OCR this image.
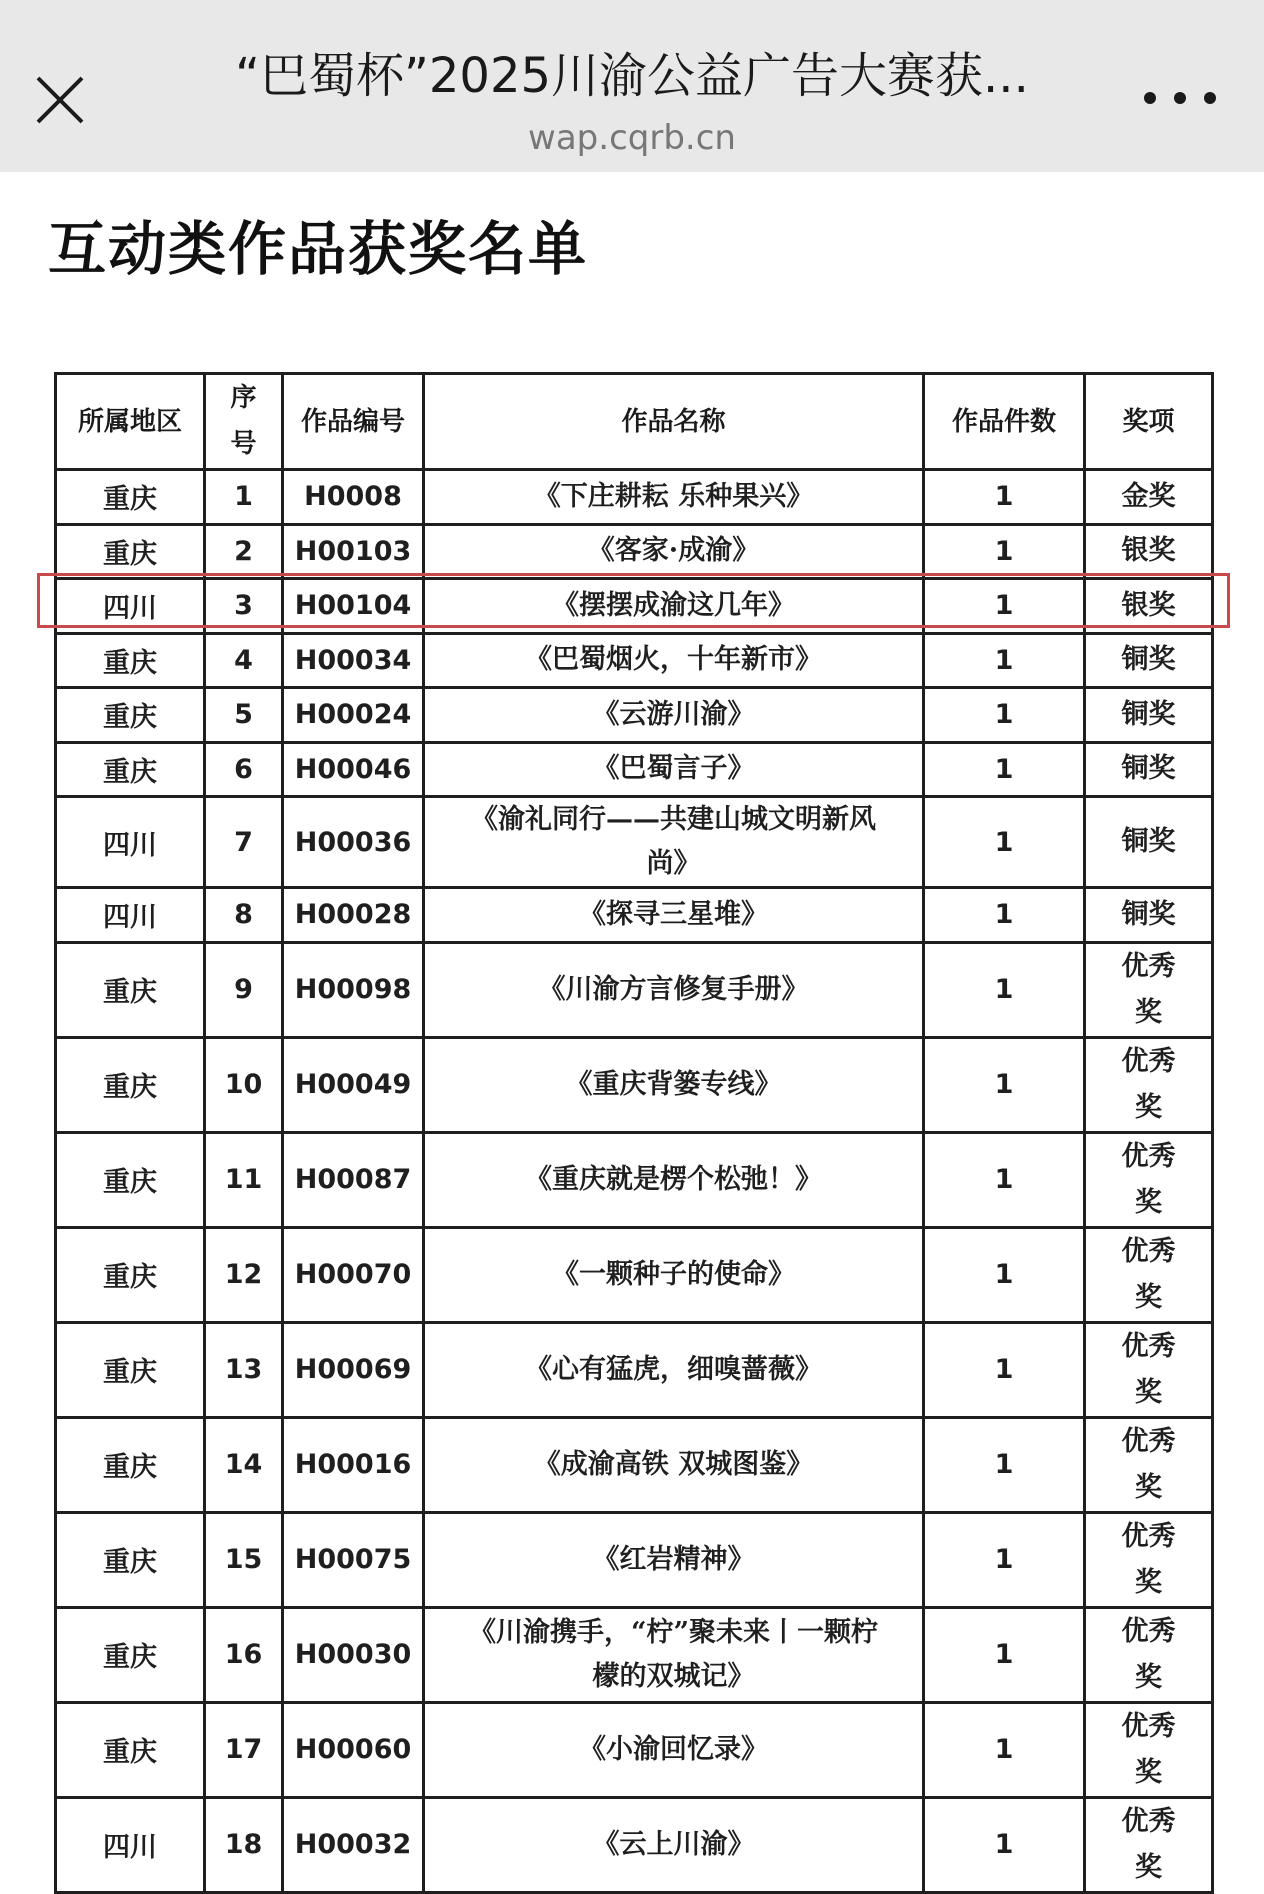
“巴蜀杯”2025川渝公益广告大赛获...
wap.cqrb.cn
互动类作品获奖名单
所属地区	序号	作品编号	作品名称	作品件数	奖项
重庆	1	H0008	《下庄耕耘 乐种果兴》	1	金奖
重庆	2	H00103	《客家·成渝》	1	银奖
四川	3	H00104	《摆摆成渝这几年》	1	银奖
重庆	4	H00034	《巴蜀烟火，十年新市》	1	铜奖
重庆	5	H00024	《云游川渝》	1	铜奖
重庆	6	H00046	《巴蜀言子》	1	铜奖
四川	7	H00036	《渝礼同行——共建山城文明新风尚》	1	铜奖
四川	8	H00028	《探寻三星堆》	1	铜奖
重庆	9	H00098	《川渝方言修复手册》	1	优秀奖
重庆	10	H00049	《重庆背篓专线》	1	优秀奖
重庆	11	H00087	《重庆就是楞个松弛！》	1	优秀奖
重庆	12	H00070	《一颗种子的使命》	1	优秀奖
重庆	13	H00069	《心有猛虎，细嗅蔷薇》	1	优秀奖
重庆	14	H00016	《成渝高铁 双城图鉴》	1	优秀奖
重庆	15	H00075	《红岩精神》	1	优秀奖
重庆	16	H00030	《川渝携手，“柠”聚未来丨一颗柠檬的双城记》	1	优秀奖
重庆	17	H00060	《小渝回忆录》	1	优秀奖
四川	18	H00032	《云上川渝》	1	优秀奖
